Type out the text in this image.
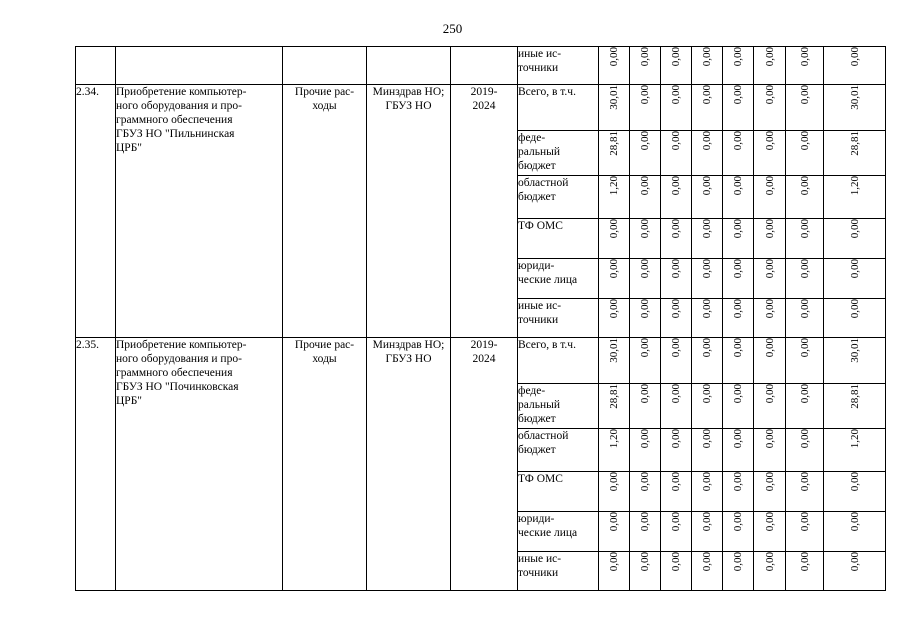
250

					иные ис-
точники	0,00	0,00	0,00	0,00	0,00	0,00	0,00	0,00

2.34.	Приобретение компьютер-
ного оборудования и про-
граммного обеспечения
ГБУЗ НО "Пильнинская
ЦРБ"	Прочие рас-
ходы	Минздрав НО;
ГБУЗ НО	2019-
2024	Всего, в т.ч.	30,01	0,00	0,00	0,00	0,00	0,00	0,00	30,01

					феде-
ральный
бюджет	28,81	0,00	0,00	0,00	0,00	0,00	0,00	28,81

					областной
бюджет	1,20	0,00	0,00	0,00	0,00	0,00	0,00	1,20

					ТФ ОМС	0,00	0,00	0,00	0,00	0,00	0,00	0,00	0,00

					юриди-
ческие лица	0,00	0,00	0,00	0,00	0,00	0,00	0,00	0,00

					иные ис-
точники	0,00	0,00	0,00	0,00	0,00	0,00	0,00	0,00

2.35.	Приобретение компьютер-
ного оборудования и про-
граммного обеспечения
ГБУЗ НО "Починковская
ЦРБ"	Прочие рас-
ходы	Минздрав НО;
ГБУЗ НО	2019-
2024	Всего, в т.ч.	30,01	0,00	0,00	0,00	0,00	0,00	0,00	30,01

					феде-
ральный
бюджет	28,81	0,00	0,00	0,00	0,00	0,00	0,00	28,81

					областной
бюджет	1,20	0,00	0,00	0,00	0,00	0,00	0,00	1,20

					ТФ ОМС	0,00	0,00	0,00	0,00	0,00	0,00	0,00	0,00

					юриди-
ческие лица	0,00	0,00	0,00	0,00	0,00	0,00	0,00	0,00

					иные ис-
точники	0,00	0,00	0,00	0,00	0,00	0,00	0,00	0,00
